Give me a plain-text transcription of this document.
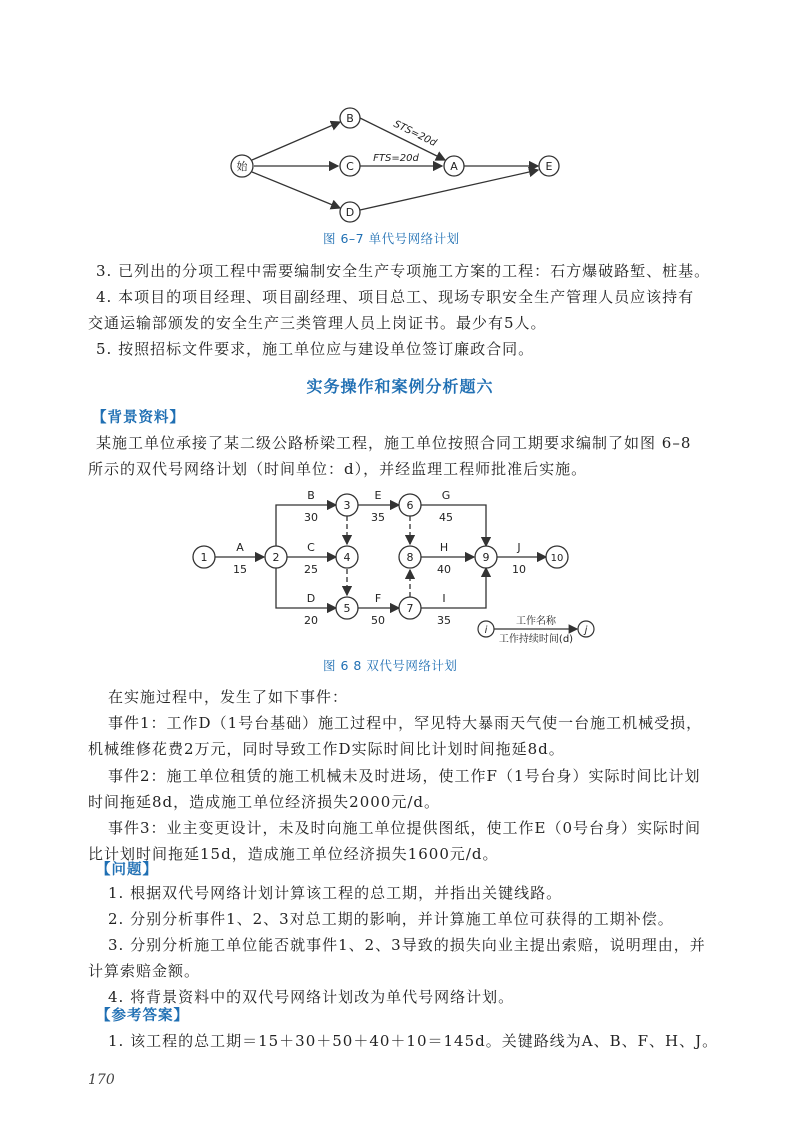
始
B
C
D
A	E
STS=20d
FTS=20d
图 6–7 单代号网络计划
3. 已列出的分项工程中需要编制安全生产专项施工方案的工程：石方爆破路堑、桩基。
4. 本项目的项目经理、项目副经理、项目总工、现场专职安全生产管理人员应该持有
交通运输部颁发的安全生产三类管理人员上岗证书。最少有5人。
5. 按照招标文件要求，施工单位应与建设单位签订廉政合同。
实务操作和案例分析题六
【背景资料】
某施工单位承接了某二级公路桥梁工程，施工单位按照合同工期要求编制了如图 6–8
所示的双代号网络计划（时间单位：d），并经监理工程师批准后实施。
1	2
3
4
5
6
7
8	9	10
A
15
B
30
C
25
D
20
E
35
F
50
G
45
H
40
I
35
J
10
i	j
工作名称
工作持续时间(d)
图 6 8 双代号网络计划
在实施过程中，发生了如下事件：
事件1：工作D（1号台基础）施工过程中，罕见特大暴雨天气使一台施工机械受损，
机械维修花费2万元，同时导致工作D实际时间比计划时间拖延8d。
事件2：施工单位租赁的施工机械未及时进场，使工作F（1号台身）实际时间比计划
时间拖延8d，造成施工单位经济损失2000元/d。
事件3：业主变更设计，未及时向施工单位提供图纸，使工作E（0号台身）实际时间
比计划时间拖延15d，造成施工单位经济损失1600元/d。
【问题】
1. 根据双代号网络计划计算该工程的总工期，并指出关键线路。
2. 分别分析事件1、2、3对总工期的影响，并计算施工单位可获得的工期补偿。
3. 分别分析施工单位能否就事件1、2、3导致的损失向业主提出索赔，说明理由，并
计算索赔金额。
4. 将背景资料中的双代号网络计划改为单代号网络计划。
【参考答案】
1. 该工程的总工期＝15＋30＋50＋40＋10＝145d。关键路线为A、B、F、H、J。
170
